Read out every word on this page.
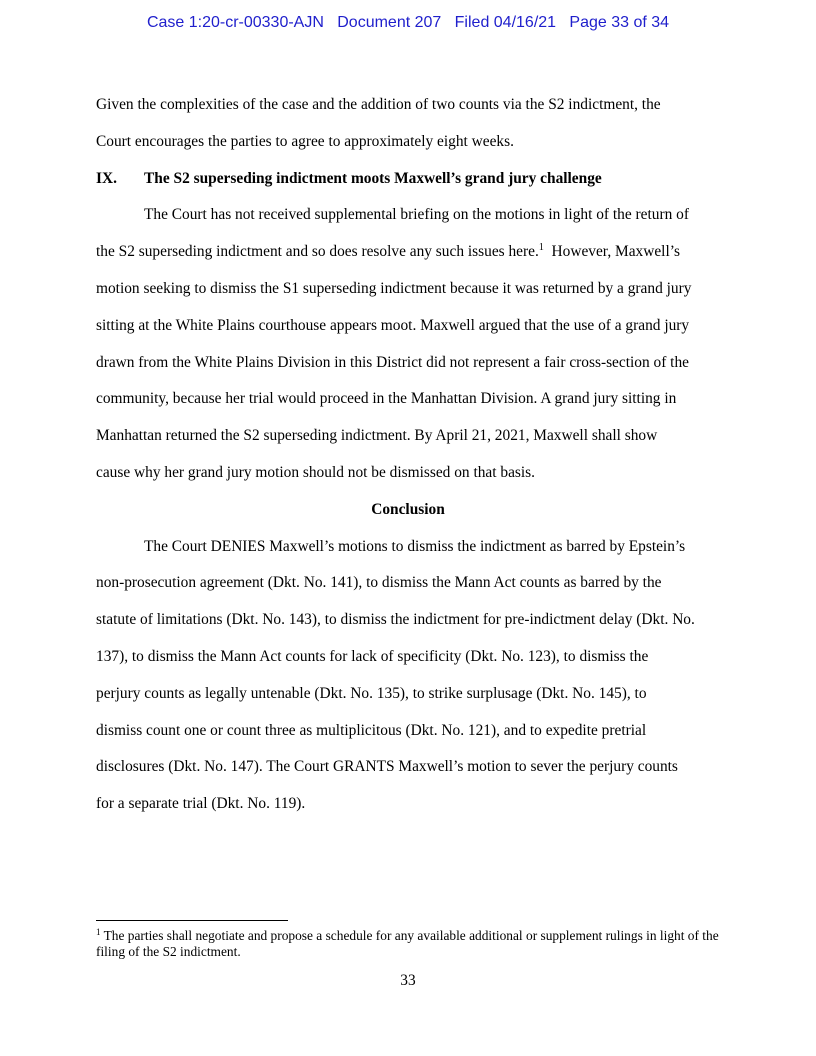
Case 1:20-cr-00330-AJN Document 207 Filed 04/16/21 Page 33 of 34
Given the complexities of the case and the addition of two counts via the S2 indictment, the
Court encourages the parties to agree to approximately eight weeks.
IX. The S2 superseding indictment moots Maxwell’s grand jury challenge
The Court has not received supplemental briefing on the motions in light of the return of
the S2 superseding indictment and so does resolve any such issues here.$^1$  However, Maxwell’s
motion seeking to dismiss the S1 superseding indictment because it was returned by a grand jury
sitting at the White Plains courthouse appears moot. Maxwell argued that the use of a grand jury
drawn from the White Plains Division in this District did not represent a fair cross-section of the
community, because her trial would proceed in the Manhattan Division. A grand jury sitting in
Manhattan returned the S2 superseding indictment. By April 21, 2021, Maxwell shall show
cause why her grand jury motion should not be dismissed on that basis.
Conclusion
The Court DENIES Maxwell’s motions to dismiss the indictment as barred by Epstein’s
non-prosecution agreement (Dkt. No. 141), to dismiss the Mann Act counts as barred by the
statute of limitations (Dkt. No. 143), to dismiss the indictment for pre-indictment delay (Dkt. No.
137), to dismiss the Mann Act counts for lack of specificity (Dkt. No. 123), to dismiss the
perjury counts as legally untenable (Dkt. No. 135), to strike surplusage (Dkt. No. 145), to
dismiss count one or count three as multiplicitous (Dkt. No. 121), and to expedite pretrial
disclosures (Dkt. No. 147). The Court GRANTS Maxwell’s motion to sever the perjury counts
for a separate trial (Dkt. No. 119).
$^1$ The parties shall negotiate and propose a schedule for any available additional or supplement rulings in light of the filing of the S2 indictment.
33
